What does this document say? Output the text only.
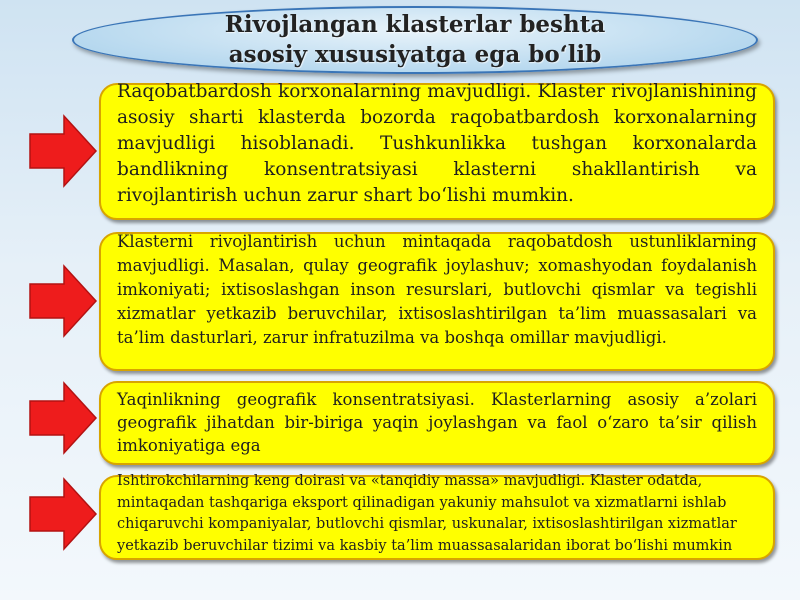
Rivojlangan klasterlar beshta
asosiy xususiyatga ega bo‘lib
Raqobatbardosh korxonalarning mavjudligi. Klaster rivojlanishining asosiy sharti klasterda bozorda raqobatbardosh korxonalarning mavjudligi hisoblanadi. Tushkunlikka tushgan korxonalarda bandlikning konsentratsiyasi klasterni shakllantirish va rivojlantirish uchun zarur shart bo‘lishi mumkin.
Klasterni rivojlantirish uchun mintaqada raqobatdosh ustunliklarning mavjudligi. Masalan, qulay geografik joylashuv; xomashyodan foydalanish imkoniyati; ixtisoslashgan inson resurslari, butlovchi qismlar va tegishli xizmatlar yetkazib beruvchilar, ixtisoslashtirilgan ta’lim muassasalari va ta’lim dasturlari, zarur infratuzilma va boshqa omillar mavjudligi.
Yaqinlikning geografik konsentratsiyasi. Klasterlarning asosiy a’zolari geografik jihatdan bir-biriga yaqin joylashgan va faol o‘zaro ta’sir qilish imkoniyatiga ega
Ishtirokchilarning keng doirasi va «tanqidiy massa» mavjudligi. Klaster odatda, mintaqadan tashqariga eksport qilinadigan yakuniy mahsulot va xizmatlarni ishlab chiqaruvchi kompaniyalar, butlovchi qismlar, uskunalar, ixtisoslashtirilgan xizmatlar yetkazib beruvchilar tizimi va kasbiy ta’lim muassasalaridan iborat bo‘lishi mumkin
